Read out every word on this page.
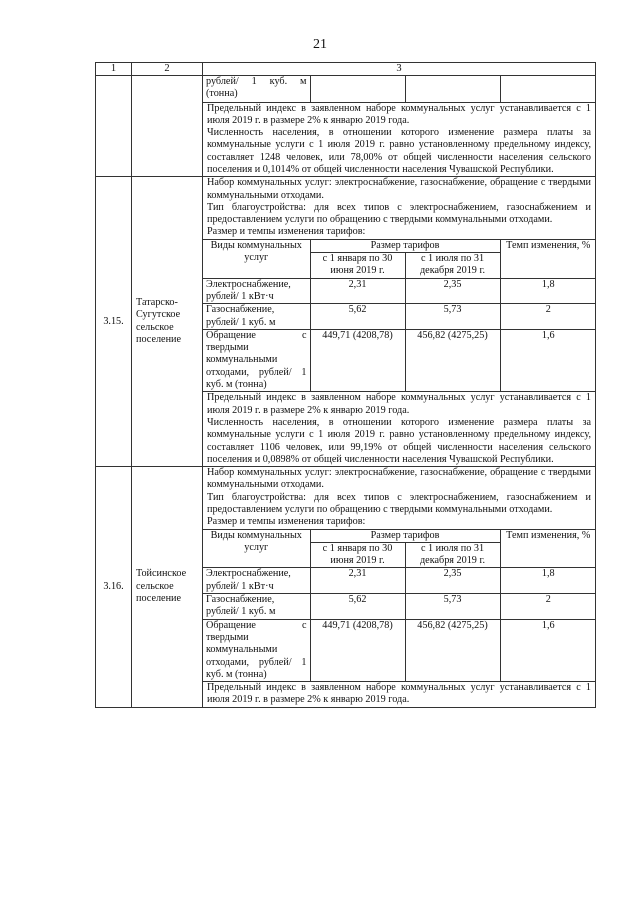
21
1	2	3

рублей/ 1 куб. м (тонна)			
Предельный индекс в заявленном наборе коммунальных услуг устанавливается с 1 июля 2019 г. в размере 2% к январю 2019 года.
Численность населения, в отношении которого изменение размера платы за коммунальные услуги с 1 июля 2019 г. равно установленному предельному индексу, составляет 1248 человек, или 78,00% от общей численности населения сельского поселения и 0,1014% от общей численности населения Чувашской Республики.

3.15.	Татарско-Сугутское сельское поселение	
Набор коммунальных услуг: электроснабжение, газоснабжение, обращение с твердыми коммунальными отходами.
Тип благоустройства: для всех типов с электроснабжением, газоснабжением и предоставлением услуги по обращению с твердыми коммунальными отходами.
Размер и темпы изменения тарифов:
Виды коммунальных услуг	Размер тарифов	Темп изменения, %
с 1 января по 30 июня 2019 г.	с 1 июля по 31 декабря 2019 г.
Электроснабжение, рублей/ 1 кВт·ч	2,31	2,35	1,8
Газоснабжение, рублей/ 1 куб. м	5,62	5,73	2
Обращение с твердыми коммунальными отходами, рублей/ 1 куб. м (тонна)	449,71 (4208,78)	456,82 (4275,25)	1,6
Предельный индекс в заявленном наборе коммунальных услуг устанавливается с 1 июля 2019 г. в размере 2% к январю 2019 года.
Численность населения, в отношении которого изменение размера платы за коммунальные услуги с 1 июля 2019 г. равно установленному предельному индексу, составляет 1106 человек, или 99,19% от общей численности населения сельского поселения и 0,0898% от общей численности населения Чувашской Республики.

3.16.	Тойсинское сельское поселение	
Набор коммунальных услуг: электроснабжение, газоснабжение, обращение с твердыми коммунальными отходами.
Тип благоустройства: для всех типов с электроснабжением, газоснабжением и предоставлением услуги по обращению с твердыми коммунальными отходами.
Размер и темпы изменения тарифов:
Виды коммунальных услуг	Размер тарифов	Темп изменения, %
с 1 января по 30 июня 2019 г.	с 1 июля по 31 декабря 2019 г.
Электроснабжение, рублей/ 1 кВт·ч	2,31	2,35	1,8
Газоснабжение, рублей/ 1 куб. м	5,62	5,73	2
Обращение с твердыми коммунальными отходами, рублей/ 1 куб. м (тонна)	449,71 (4208,78)	456,82 (4275,25)	1,6
Предельный индекс в заявленном наборе коммунальных услуг устанавливается с 1 июля 2019 г. в размере 2% к январю 2019 года.
